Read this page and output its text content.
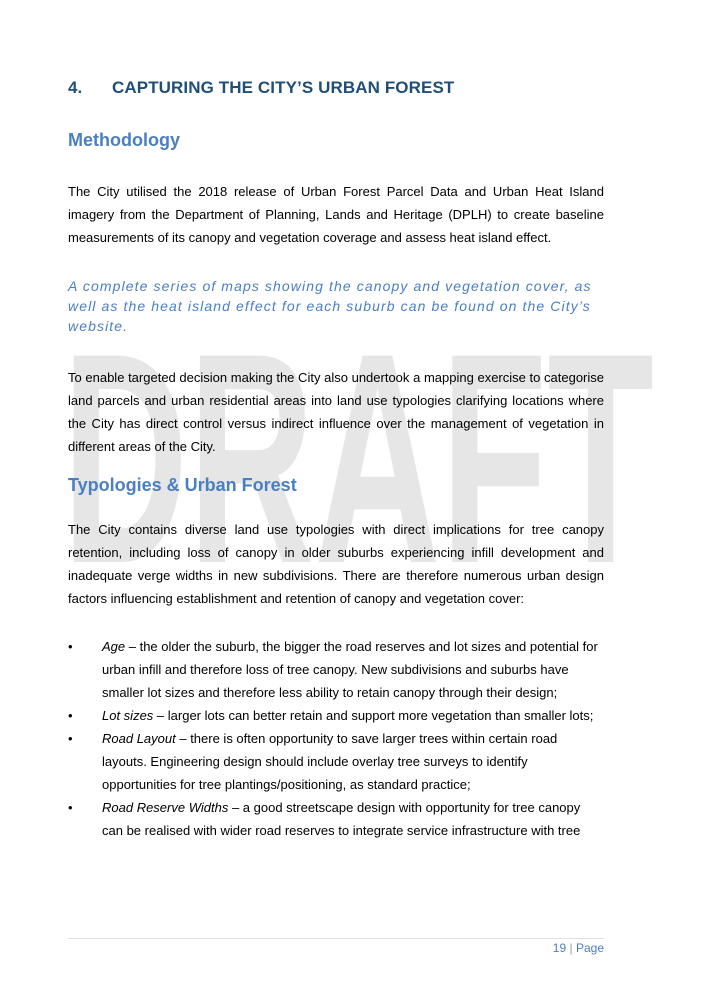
DRAFT
4. CAPTURING THE CITY’S URBAN FOREST
Methodology

The City utilised the 2018 release of Urban Forest Parcel Data and Urban Heat Island imagery from the Department of Planning, Lands and Heritage (DPLH) to create baseline measurements of its canopy and vegetation coverage and assess heat island effect.

A complete series of maps showing the canopy and vegetation cover, as well as the heat island effect for each suburb can be found on the City’s website.

To enable targeted decision making the City also undertook a mapping exercise to categorise land parcels and urban residential areas into land use typologies clarifying locations where the City has direct control versus indirect influence over the management of vegetation in different areas of the City.

Typologies & Urban Forest

The City contains diverse land use typologies with direct implications for tree canopy retention, including loss of canopy in older suburbs experiencing infill development and inadequate verge widths in new subdivisions. There are therefore numerous urban design factors influencing establishment and retention of canopy and vegetation cover:

• Age – the older the suburb, the bigger the road reserves and lot sizes and potential for urban infill and therefore loss of tree canopy. New subdivisions and suburbs have smaller lot sizes and therefore less ability to retain canopy through their design;
• Lot sizes – larger lots can better retain and support more vegetation than smaller lots;
• Road Layout – there is often opportunity to save larger trees within certain road layouts. Engineering design should include overlay tree surveys to identify opportunities for tree plantings/positioning, as standard practice;
• Road Reserve Widths – a good streetscape design with opportunity for tree canopy can be realised with wider road reserves to integrate service infrastructure with tree
19 | Page
